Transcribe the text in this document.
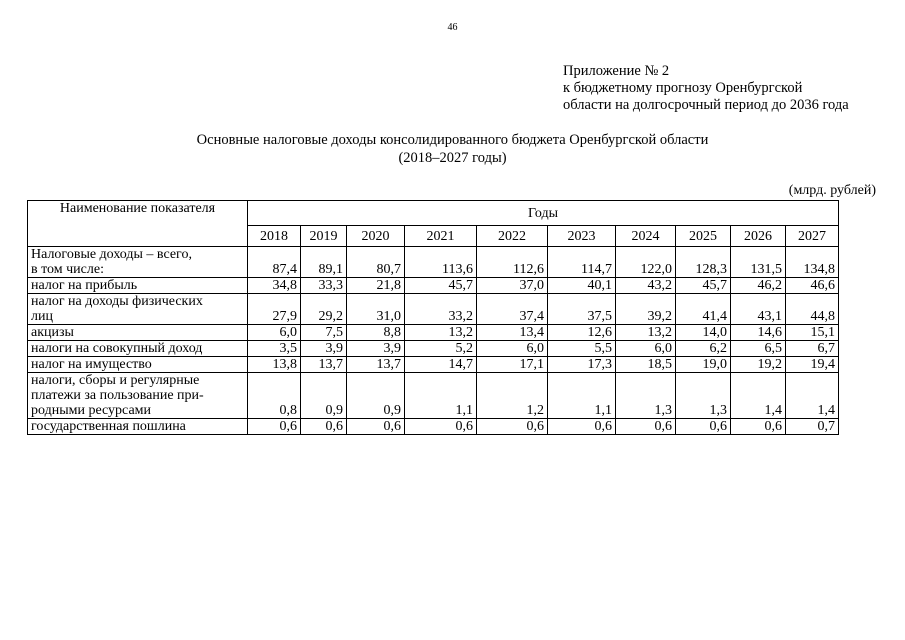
46
Приложение № 2
к бюджетному прогнозу Оренбургской
области на долгосрочный период до 2036 года
Основные налоговые доходы консолидированного бюджета Оренбургской области
(2018–2027 годы)
(млрд. рублей)
Наименование показателя	Годы									
	2018	2019	2020	2021	2022	2023	2024	2025	2026	2027

Налоговые доходы – всего,
в том числе:	87,4	89,1	80,7	113,6	112,6	114,7	122,0	128,3	131,5	134,8

налог на прибыль	34,8	33,3	21,8	45,7	37,0	40,1	43,2	45,7	46,2	46,6

налог на доходы физических
лиц	27,9	29,2	31,0	33,2	37,4	37,5	39,2	41,4	43,1	44,8

акцизы	6,0	7,5	8,8	13,2	13,4	12,6	13,2	14,0	14,6	15,1

налоги на совокупный доход	3,5	3,9	3,9	5,2	6,0	5,5	6,0	6,2	6,5	6,7

налог на имущество	13,8	13,7	13,7	14,7	17,1	17,3	18,5	19,0	19,2	19,4

налоги, сборы и регулярные
платежи за пользование при-
родными ресурсами	0,8	0,9	0,9	1,1	1,2	1,1	1,3	1,3	1,4	1,4

государственная пошлина	0,6	0,6	0,6	0,6	0,6	0,6	0,6	0,6	0,6	0,7
